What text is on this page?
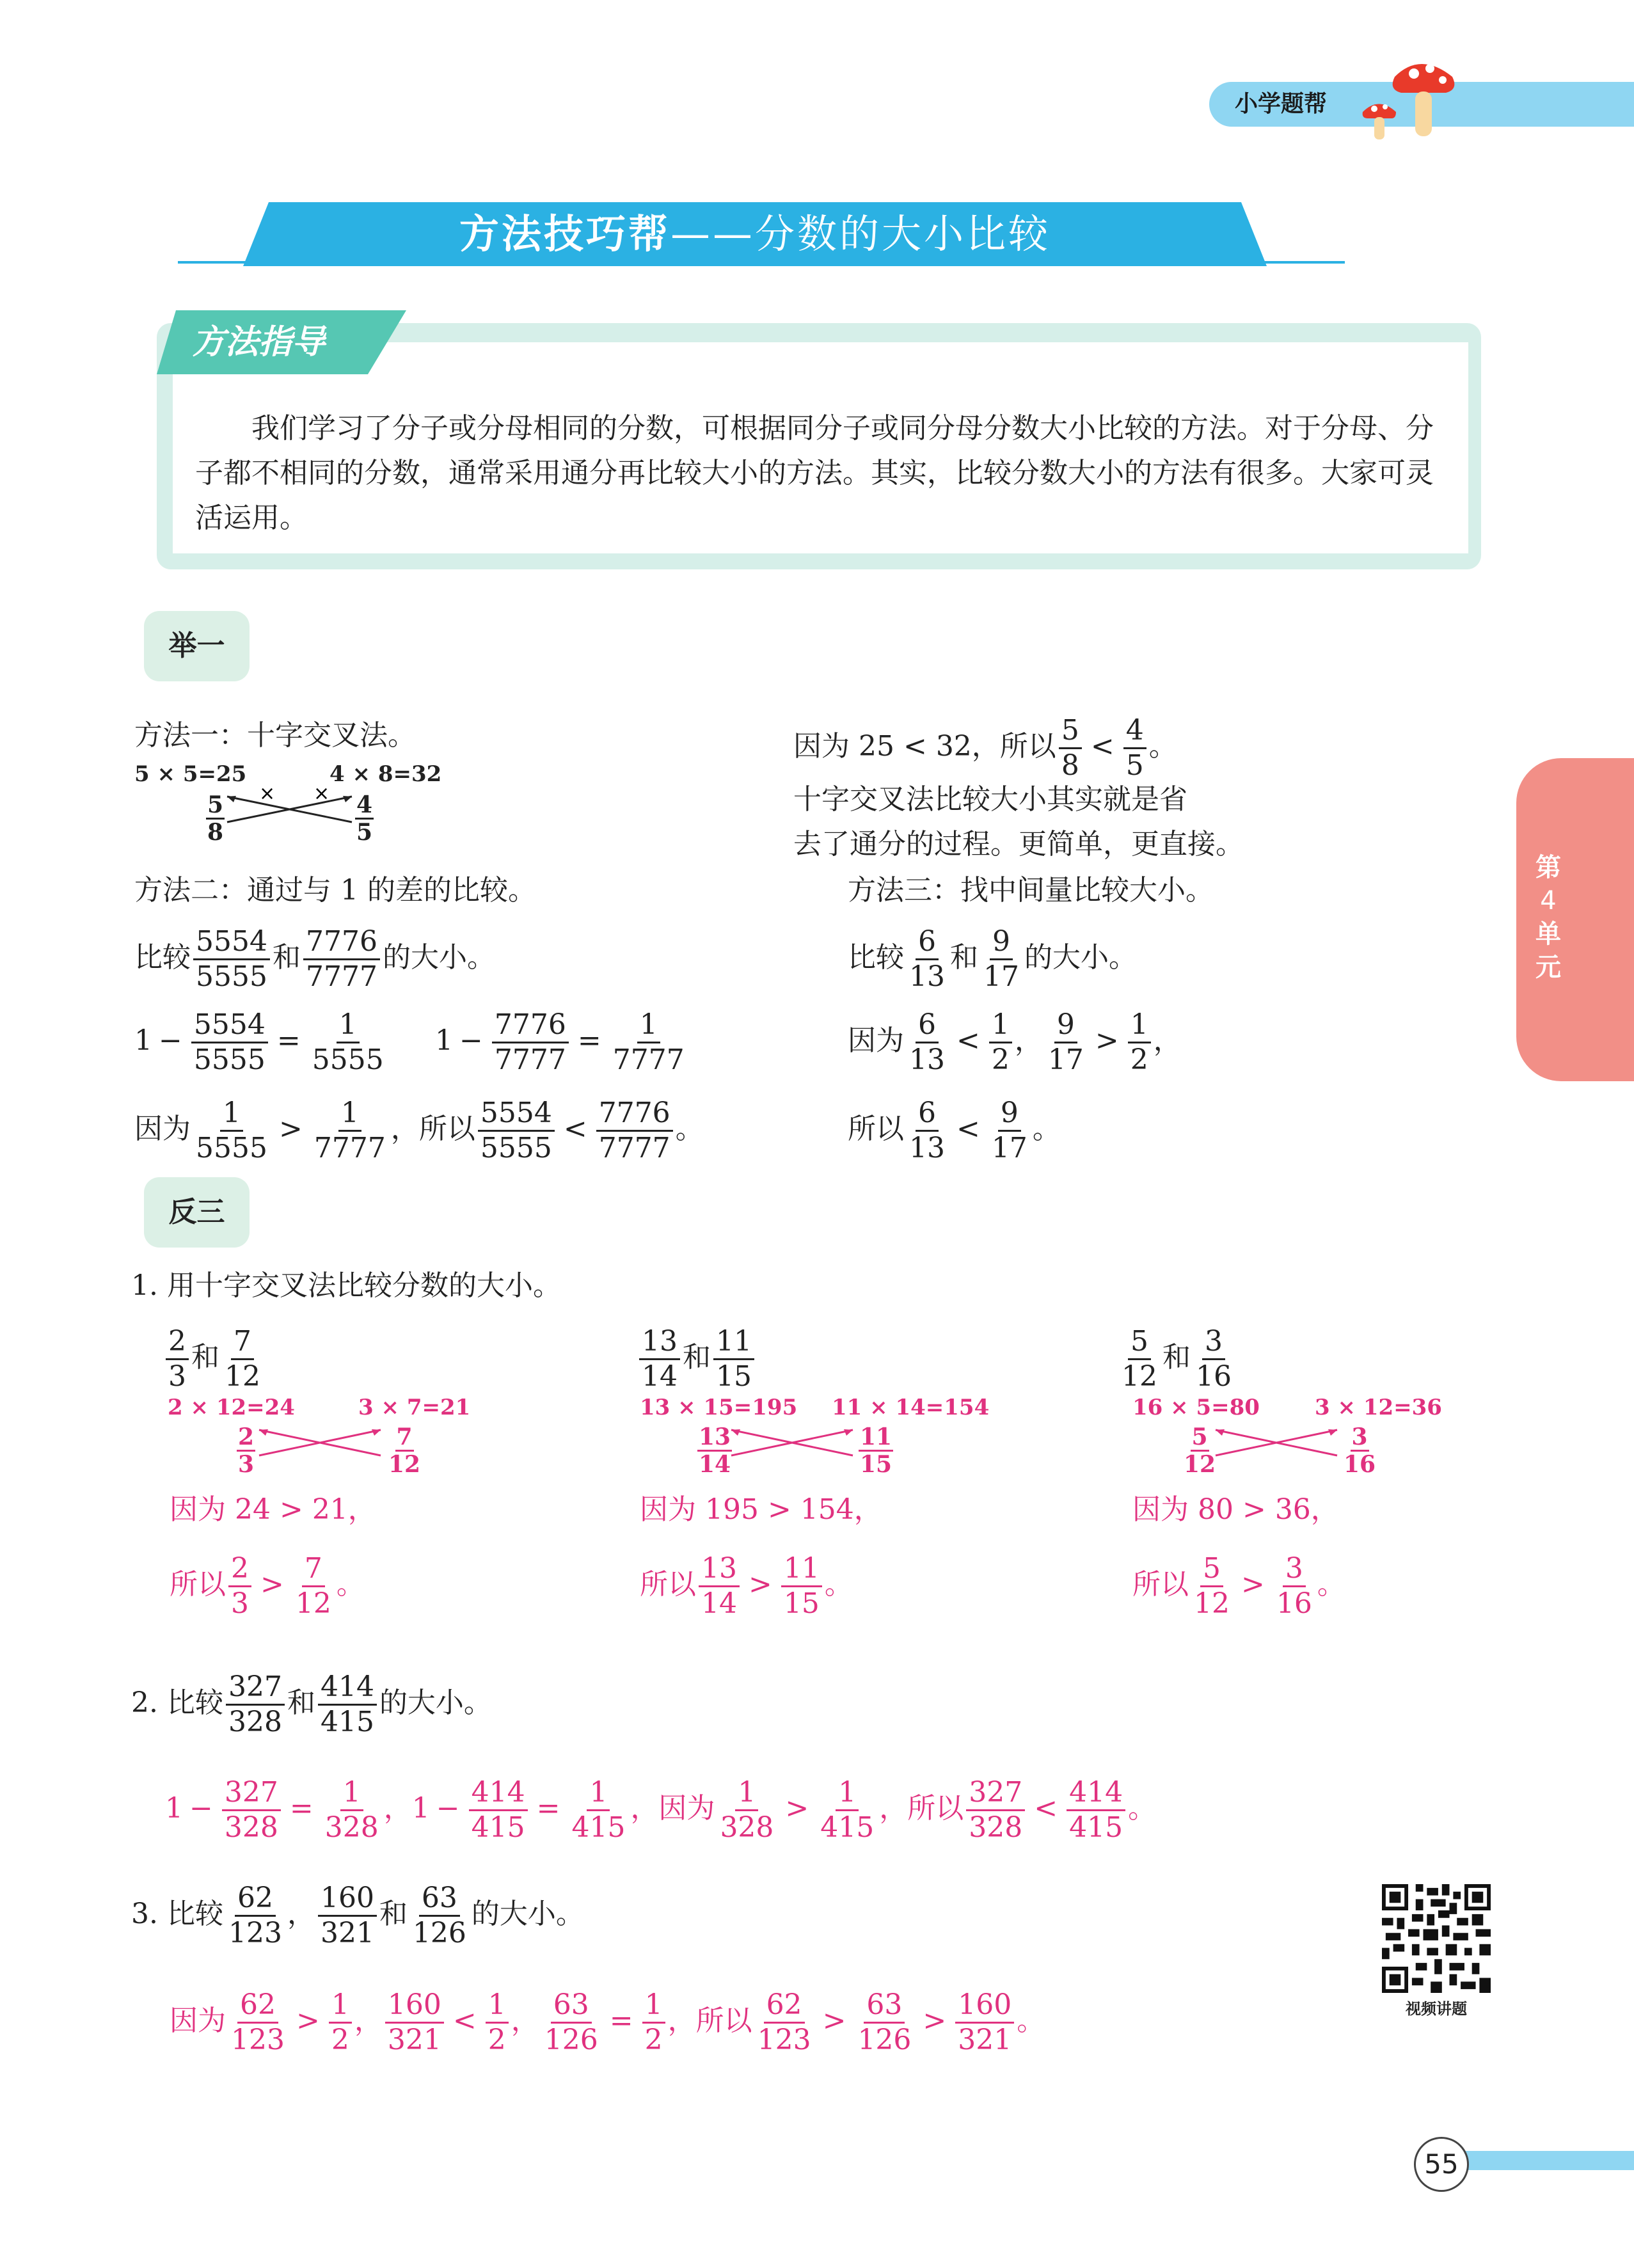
小学题帮
方法技巧帮——分数的大小比较
方法指导
　　我们学习了分子或分母相同的分数，可根据同分子或同分母分数大小比较的方法。对于分母、分子都不相同的分数，通常采用通分再比较大小的方法。其实，比较分数大小的方法有很多。大家可灵活运用。
第
4
单
元
举一
方法一：十字交叉法。
5 × 5=25	4 × 8=32
5
8
4
5
× ×
因为 25 < 32，所以 $\frac{5}{8} < \frac{4}{5}$ 。
十字交叉法比较大小其实就是省
去了通分的过程。更简单，更直接。
方法二：通过与 1 的差的比较。
比较 $\frac{5554}{5555}$ 和 $\frac{7776}{7777}$ 的大小。
$1 - \frac{5554}{5555} = \frac{1}{5555} 1 - \frac{7776}{7777} = \frac{1}{7777}$
因为 $\frac{1}{5555} > \frac{1}{7777}$ ，所以 $\frac{5554}{5555} < \frac{7776}{7777}$ 。
方法三：找中间量比较大小。
比较 $\frac{6}{13}$ 和 $\frac{9}{17}$ 的大小。
因为 $\frac{6}{13} < \frac{1}{2}$ ， $\frac{9}{17} > \frac{1}{2}$ ，
所以 $\frac{6}{13} < \frac{9}{17}$ 。
反三
1. 用十字交叉法比较分数的大小。
$\frac{2}{3}$ 和 $\frac{7}{12}$
2 × 12=24	3 × 7=21
2
3
7
12
因为 24 > 21，
所以 $\frac{2}{3} > \frac{7}{12}$ 。
$\frac{13}{14}$ 和 $\frac{11}{15}$
13 × 15=195 11 × 14=154
13
14
11
15
因为 195 > 154，
所以 $\frac{13}{14} > \frac{11}{15}$ 。
$\frac{5}{12}$ 和 $\frac{3}{16}$
16 × 5=80	3 × 12=36
5
12
3
16
因为 80 > 36，
所以 $\frac{5}{12} > \frac{3}{16}$ 。
2. 比较 $\frac{327}{328}$ 和 $\frac{414}{415}$ 的大小。
$1 - \frac{327}{328} = \frac{1}{328}$ ，$1 - \frac{414}{415} = \frac{1}{415}$ ，因为 $\frac{1}{328} > \frac{1}{415}$ ，所以 $\frac{327}{328} < \frac{414}{415}$ 。
3. 比较 $\frac{62}{123}$ ， $\frac{160}{321}$ 和 $\frac{63}{126}$ 的大小。
因为 $\frac{62}{123} > \frac{1}{2}$ ， $\frac{160}{321} < \frac{1}{2}$ ， $\frac{63}{126} = \frac{1}{2}$ ，所以 $\frac{62}{123} > \frac{63}{126} > \frac{160}{321}$ 。	视频讲题
55
